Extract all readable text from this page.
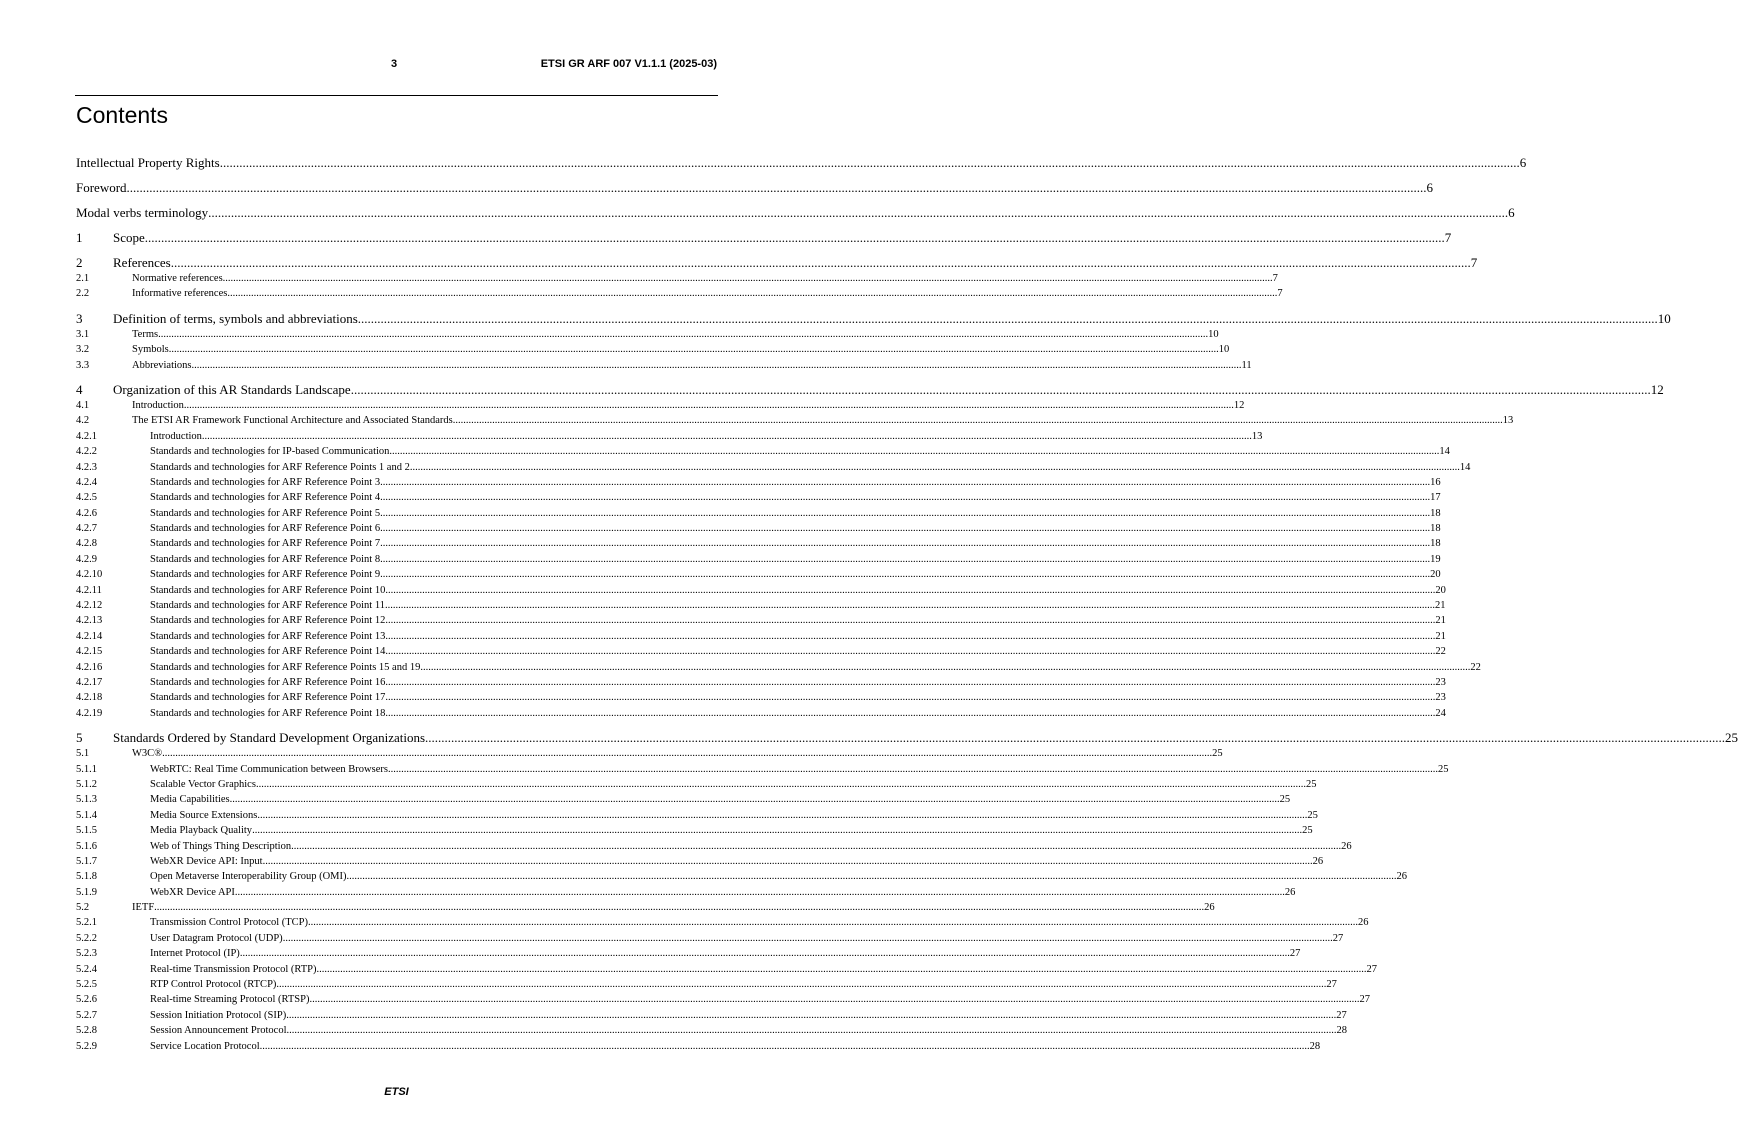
3	ETSI GR ARF 007 V1.1.1 (2025-03)
Contents
Intellectual Property Rights ................................................................................................................................................................................................................................................................................................................................................................................................................ 6
Foreword ................................................................................................................................................................................................................................................................................................................................................................................................................ 6
Modal verbs terminology ................................................................................................................................................................................................................................................................................................................................................................................................................ 6
1	Scope ................................................................................................................................................................................................................................................................................................................................................................................................................ 7
2	References ................................................................................................................................................................................................................................................................................................................................................................................................................ 7
2.1	Normative references ................................................................................................................................................................................................................................................................................................................................................................................................................ 7
2.2	Informative references ................................................................................................................................................................................................................................................................................................................................................................................................................ 7
3	Definition of terms, symbols and abbreviations ................................................................................................................................................................................................................................................................................................................................................................................................................ 10
3.1	Terms ................................................................................................................................................................................................................................................................................................................................................................................................................ 10
3.2	Symbols ................................................................................................................................................................................................................................................................................................................................................................................................................ 10
3.3	Abbreviations ................................................................................................................................................................................................................................................................................................................................................................................................................ 11
4	Organization of this AR Standards Landscape ................................................................................................................................................................................................................................................................................................................................................................................................................ 12
4.1	Introduction ................................................................................................................................................................................................................................................................................................................................................................................................................ 12
4.2	The ETSI AR Framework Functional Architecture and Associated Standards ................................................................................................................................................................................................................................................................................................................................................................................................................ 13
4.2.1	Introduction ................................................................................................................................................................................................................................................................................................................................................................................................................ 13
4.2.2	Standards and technologies for IP-based Communication ................................................................................................................................................................................................................................................................................................................................................................................................................ 14
4.2.3	Standards and technologies for ARF Reference Points 1 and 2 ................................................................................................................................................................................................................................................................................................................................................................................................................ 14
4.2.4	Standards and technologies for ARF Reference Point 3 ................................................................................................................................................................................................................................................................................................................................................................................................................ 16
4.2.5	Standards and technologies for ARF Reference Point 4 ................................................................................................................................................................................................................................................................................................................................................................................................................ 17
4.2.6	Standards and technologies for ARF Reference Point 5 ................................................................................................................................................................................................................................................................................................................................................................................................................ 18
4.2.7	Standards and technologies for ARF Reference Point 6 ................................................................................................................................................................................................................................................................................................................................................................................................................ 18
4.2.8	Standards and technologies for ARF Reference Point 7 ................................................................................................................................................................................................................................................................................................................................................................................................................ 18
4.2.9	Standards and technologies for ARF Reference Point 8 ................................................................................................................................................................................................................................................................................................................................................................................................................ 19
4.2.10	Standards and technologies for ARF Reference Point 9 ................................................................................................................................................................................................................................................................................................................................................................................................................ 20
4.2.11	Standards and technologies for ARF Reference Point 10 ................................................................................................................................................................................................................................................................................................................................................................................................................ 20
4.2.12	Standards and technologies for ARF Reference Point 11 ................................................................................................................................................................................................................................................................................................................................................................................................................ 21
4.2.13	Standards and technologies for ARF Reference Point 12 ................................................................................................................................................................................................................................................................................................................................................................................................................ 21
4.2.14	Standards and technologies for ARF Reference Point 13 ................................................................................................................................................................................................................................................................................................................................................................................................................ 21
4.2.15	Standards and technologies for ARF Reference Point 14 ................................................................................................................................................................................................................................................................................................................................................................................................................ 22
4.2.16	Standards and technologies for ARF Reference Points 15 and 19 ................................................................................................................................................................................................................................................................................................................................................................................................................ 22
4.2.17	Standards and technologies for ARF Reference Point 16 ................................................................................................................................................................................................................................................................................................................................................................................................................ 23
4.2.18	Standards and technologies for ARF Reference Point 17 ................................................................................................................................................................................................................................................................................................................................................................................................................ 23
4.2.19	Standards and technologies for ARF Reference Point 18 ................................................................................................................................................................................................................................................................................................................................................................................................................ 24
5	Standards Ordered by Standard Development Organizations ................................................................................................................................................................................................................................................................................................................................................................................................................ 25
5.1	W3C® ................................................................................................................................................................................................................................................................................................................................................................................................................ 25
5.1.1	WebRTC: Real Time Communication between Browsers ................................................................................................................................................................................................................................................................................................................................................................................................................ 25
5.1.2	Scalable Vector Graphics ................................................................................................................................................................................................................................................................................................................................................................................................................ 25
5.1.3	Media Capabilities ................................................................................................................................................................................................................................................................................................................................................................................................................ 25
5.1.4	Media Source Extensions ................................................................................................................................................................................................................................................................................................................................................................................................................ 25
5.1.5	Media Playback Quality ................................................................................................................................................................................................................................................................................................................................................................................................................ 25
5.1.6	Web of Things Thing Description ................................................................................................................................................................................................................................................................................................................................................................................................................ 26
5.1.7	WebXR Device API: Input ................................................................................................................................................................................................................................................................................................................................................................................................................ 26
5.1.8	Open Metaverse Interoperability Group (OMI) ................................................................................................................................................................................................................................................................................................................................................................................................................ 26
5.1.9	WebXR Device API ................................................................................................................................................................................................................................................................................................................................................................................................................ 26
5.2	IETF ................................................................................................................................................................................................................................................................................................................................................................................................................ 26
5.2.1	Transmission Control Protocol (TCP) ................................................................................................................................................................................................................................................................................................................................................................................................................ 26
5.2.2	User Datagram Protocol (UDP) ................................................................................................................................................................................................................................................................................................................................................................................................................ 27
5.2.3	Internet Protocol (IP) ................................................................................................................................................................................................................................................................................................................................................................................................................ 27
5.2.4	Real-time Transmission Protocol (RTP) ................................................................................................................................................................................................................................................................................................................................................................................................................ 27
5.2.5	RTP Control Protocol (RTCP) ................................................................................................................................................................................................................................................................................................................................................................................................................ 27
5.2.6	Real-time Streaming Protocol (RTSP) ................................................................................................................................................................................................................................................................................................................................................................................................................ 27
5.2.7	Session Initiation Protocol (SIP) ................................................................................................................................................................................................................................................................................................................................................................................................................ 27
5.2.8	Session Announcement Protocol ................................................................................................................................................................................................................................................................................................................................................................................................................ 28
5.2.9	Service Location Protocol ................................................................................................................................................................................................................................................................................................................................................................................................................ 28
ETSI
